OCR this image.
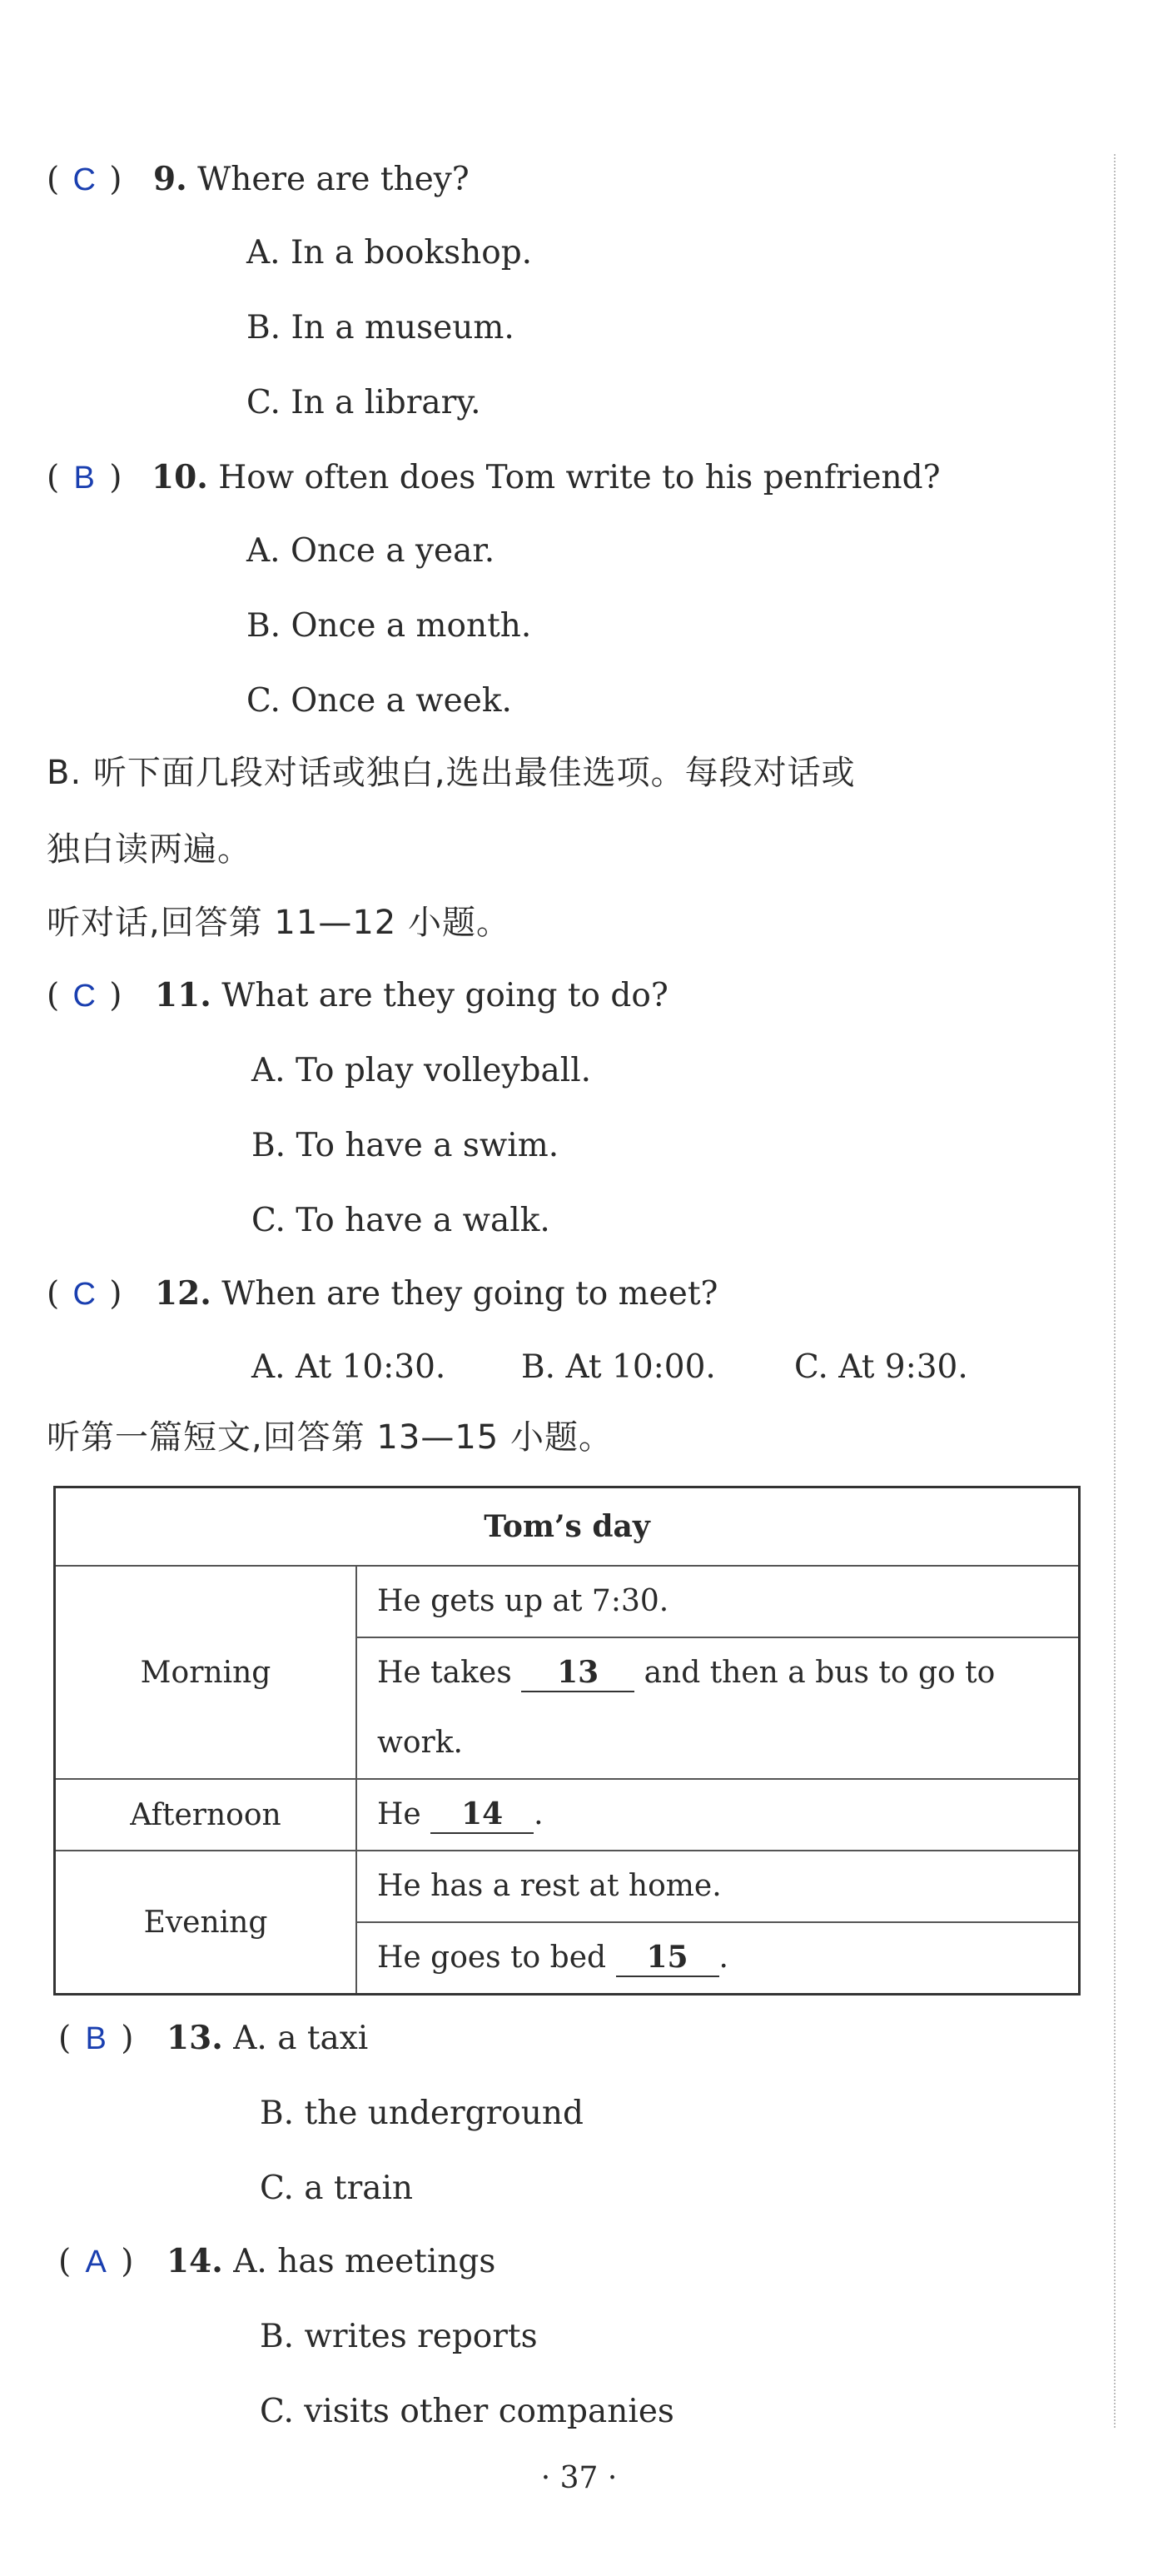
( C ) 9. Where are they?
A. In a bookshop.
B. In a museum.
C. In a library.
( B ) 10. How often does Tom write to his penfriend?
A. Once a year.
B. Once a month.
C. Once a week.
B. 听下面几段对话或独白,选出最佳选项。每段对话或
独白读两遍。
听对话,回答第 11—12 小题。
( C ) 11. What are they going to do?
A. To play volleyball.
B. To have a swim.
C. To have a walk.
( C ) 12. When are they going to meet?
A. At 10:30. B. At 10:00. C. At 9:30.
听第一篇短文,回答第 13—15 小题。
Tom’s day	
Morning	He gets up at 7:30.
	He takes 13 and then a bus to go to work.
Afternoon	He 14 .
Evening	He has a rest at home.
	He goes to bed 15 .
( B ) 13. A. a taxi
B. the underground
C. a train
( A ) 14. A. has meetings
B. writes reports
C. visits other companies
· 37 ·
